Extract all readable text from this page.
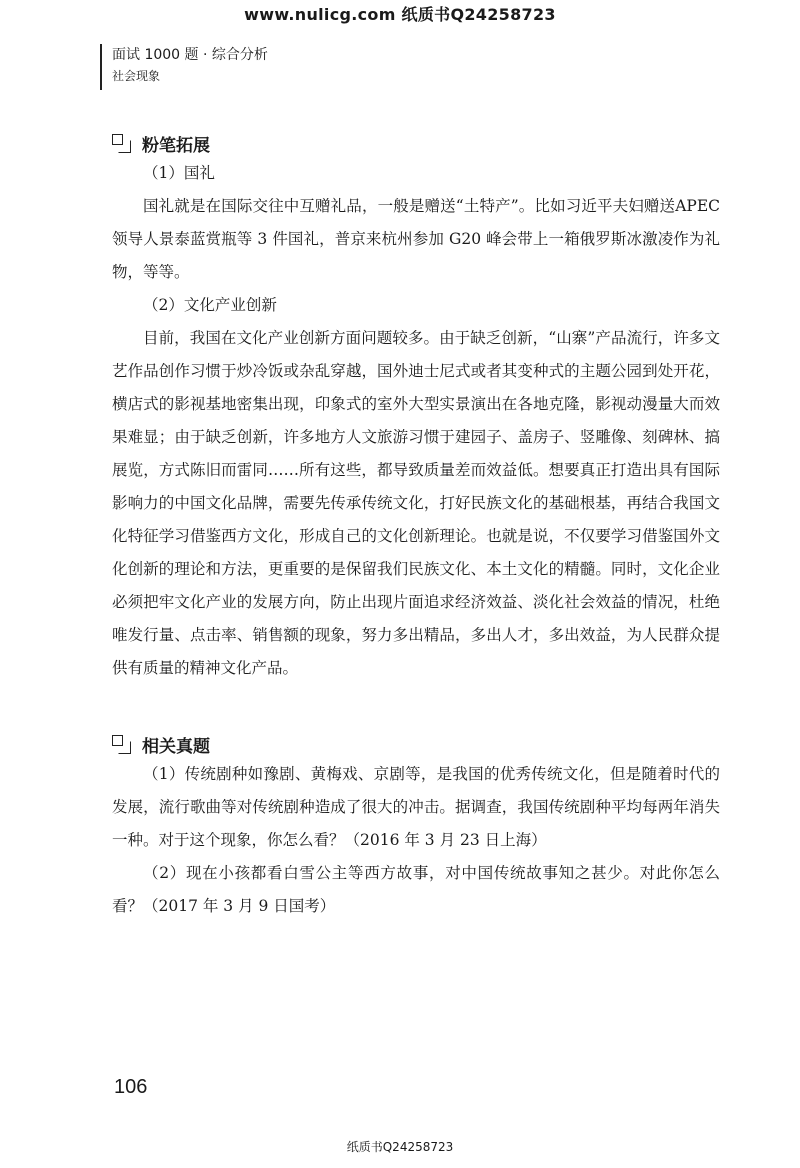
www.nulicg.com 纸质书Q24258723
面试 1000 题 · 综合分析
社会现象
粉笔拓展

（1）国礼

国礼就是在国际交往中互赠礼品，一般是赠送“土特产”。比如习近平夫妇赠送APEC 领导人景泰蓝赏瓶等 3 件国礼，普京来杭州参加 G20 峰会带上一箱俄罗斯冰激凌作为礼物，等等。

（2）文化产业创新

目前，我国在文化产业创新方面问题较多。由于缺乏创新，“山寨”产品流行，许多文艺作品创作习惯于炒冷饭或杂乱穿越，国外迪士尼式或者其变种式的主题公园到处开花，横店式的影视基地密集出现，印象式的室外大型实景演出在各地克隆，影视动漫量大而效果难显；由于缺乏创新，许多地方人文旅游习惯于建园子、盖房子、竖雕像、刻碑林、搞展览，方式陈旧而雷同……所有这些，都导致质量差而效益低。想要真正打造出具有国际影响力的中国文化品牌，需要先传承传统文化，打好民族文化的基础根基，再结合我国文化特征学习借鉴西方文化，形成自己的文化创新理论。也就是说，不仅要学习借鉴国外文化创新的理论和方法，更重要的是保留我们民族文化、本土文化的精髓。同时，文化企业必须把牢文化产业的发展方向，防止出现片面追求经济效益、淡化社会效益的情况，杜绝唯发行量、点击率、销售额的现象，努力多出精品，多出人才，多出效益，为人民群众提供有质量的精神文化产品。

相关真题

（1）传统剧种如豫剧、黄梅戏、京剧等，是我国的优秀传统文化，但是随着时代的发展，流行歌曲等对传统剧种造成了很大的冲击。据调查，我国传统剧种平均每两年消失一种。对于这个现象，你怎么看？（2016 年 3 月 23 日上海）

（2）现在小孩都看白雪公主等西方故事，对中国传统故事知之甚少。对此你怎么看？（2017 年 3 月 9 日国考）

106
纸质书Q24258723
